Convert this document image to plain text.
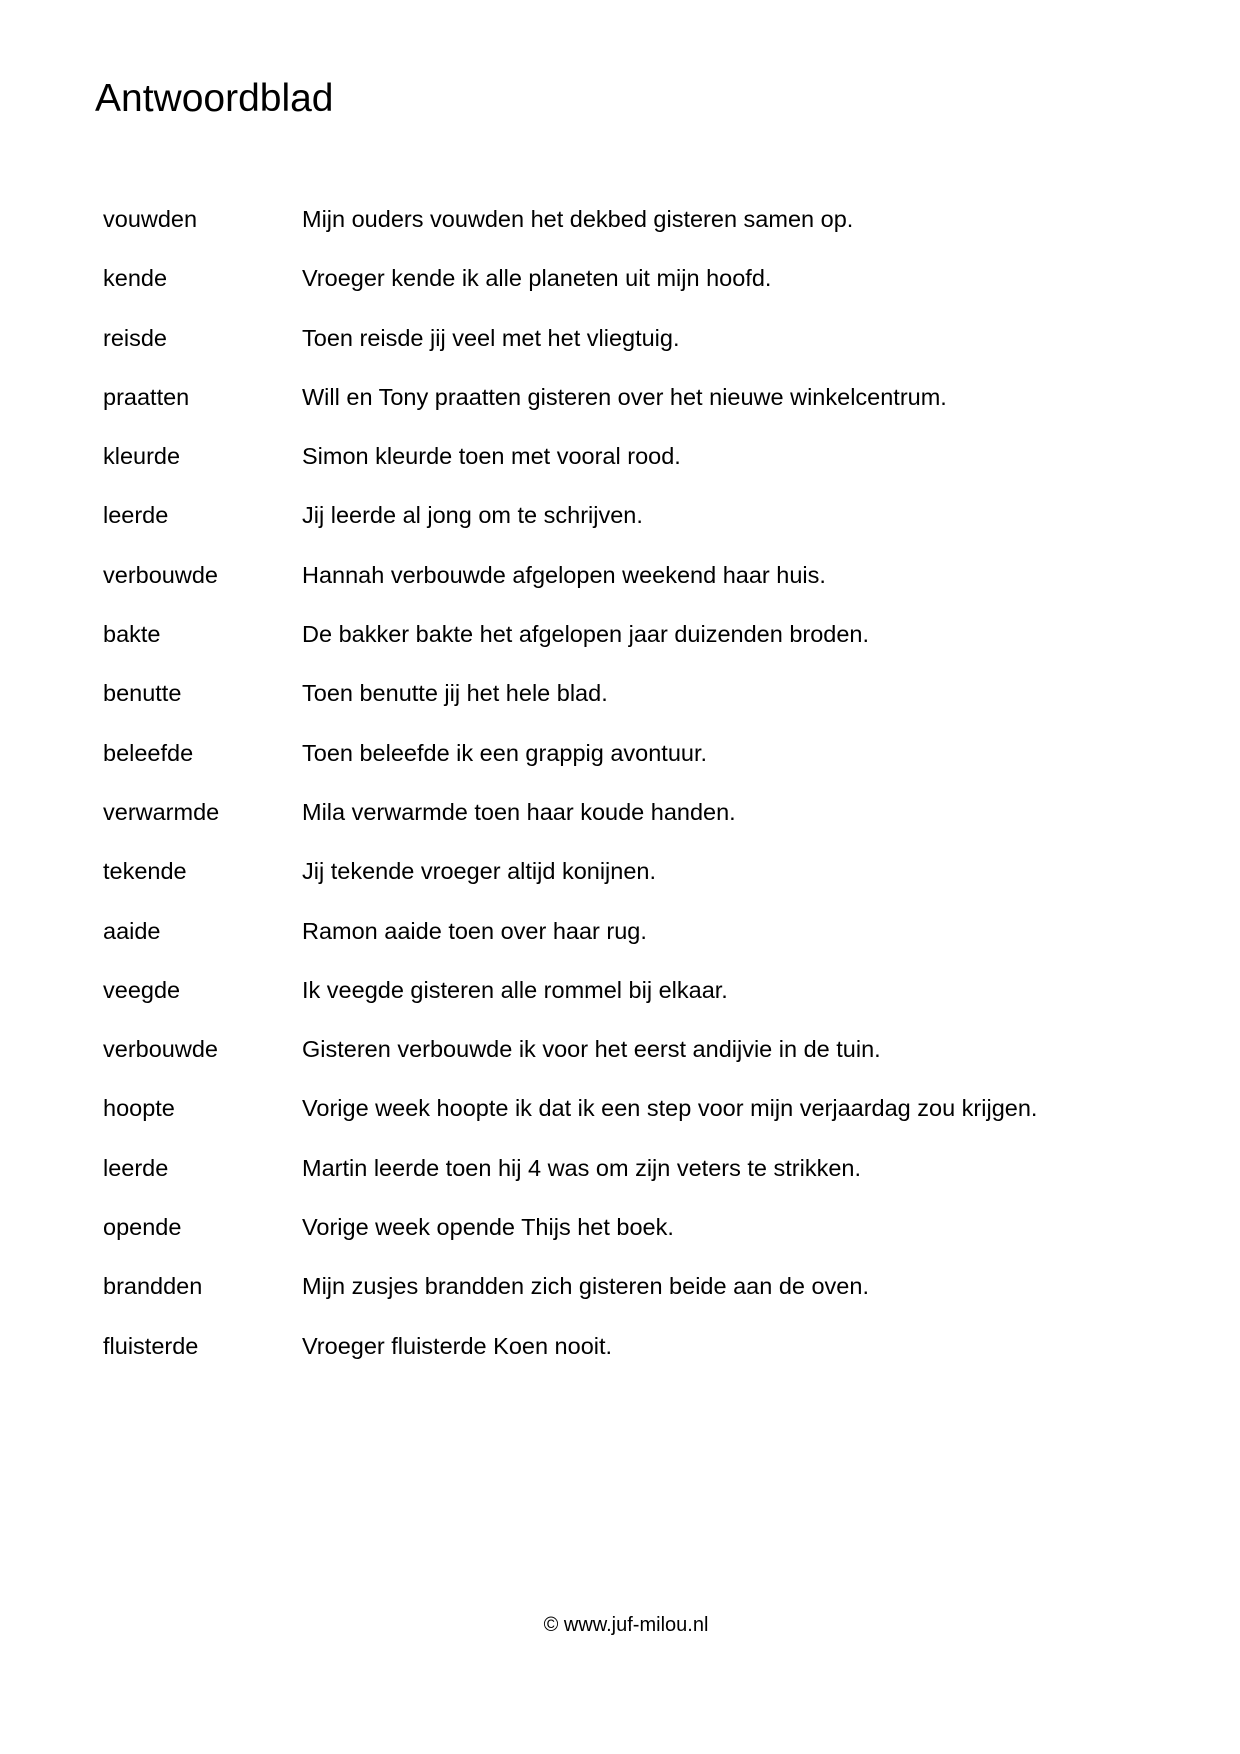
Antwoordblad
vouwden	Mijn ouders vouwden het dekbed gisteren samen op.
kende	Vroeger kende ik alle planeten uit mijn hoofd.
reisde	Toen reisde jij veel met het vliegtuig.
praatten	Will en Tony praatten gisteren over het nieuwe winkelcentrum.
kleurde	Simon kleurde toen met vooral rood.
leerde	Jij leerde al jong om te schrijven.
verbouwde	Hannah verbouwde afgelopen weekend haar huis.
bakte	De bakker bakte het afgelopen jaar duizenden broden.
benutte	Toen benutte jij het hele blad.
beleefde	Toen beleefde ik een grappig avontuur.
verwarmde	Mila verwarmde toen haar koude handen.
tekende	Jij tekende vroeger altijd konijnen.
aaide	Ramon aaide toen over haar rug.
veegde	Ik veegde gisteren alle rommel bij elkaar.
verbouwde	Gisteren verbouwde ik voor het eerst andijvie in de tuin.
hoopte	Vorige week hoopte ik dat ik een step voor mijn verjaardag zou krijgen.
leerde	Martin leerde toen hij 4 was om zijn veters te strikken.
opende	Vorige week opende Thijs het boek.
brandden	Mijn zusjes brandden zich gisteren beide aan de oven.
fluisterde	Vroeger fluisterde Koen nooit.
© www.juf-milou.nl
